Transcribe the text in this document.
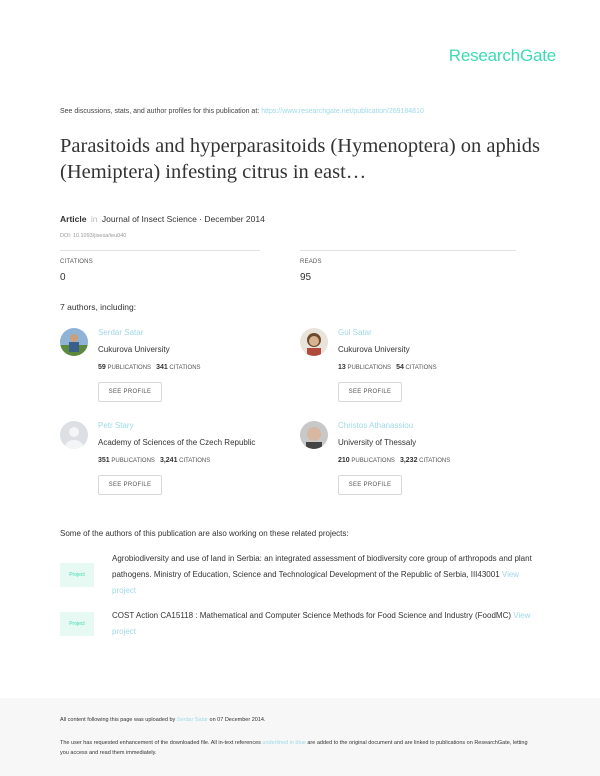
ResearchGate
See discussions, stats, and author profiles for this publication at: https://www.researchgate.net/publication/269184810
Parasitoids and hyperparasitoids (Hymenoptera) on aphids (Hemiptera) infesting citrus in east…
Article in Journal of Insect Science · December 2014
DOI: 10.1093/jisesa/ieu040
CITATIONS
0
READS
95
7 authors, including:
Serdar Satar
Cukurova University
59 PUBLICATIONS 341 CITATIONS
SEE PROFILE
Gul Satar
Cukurova University
13 PUBLICATIONS 54 CITATIONS
SEE PROFILE
Petr Stary
Academy of Sciences of the Czech Republic
351 PUBLICATIONS 3,241 CITATIONS
SEE PROFILE
Christos Athanassiou
University of Thessaly
210 PUBLICATIONS 3,232 CITATIONS
SEE PROFILE
Some of the authors of this publication are also working on these related projects:
Project
Agrobiodiversity and use of land in Serbia: an integrated assessment of biodiversity core group of arthropods and plant pathogens. Ministry of Education, Science and Technological Development of the Republic of Serbia, III43001 View project
Project
COST Action CA15118 : Mathematical and Computer Science Methods for Food Science and Industry (FoodMC) View project
All content following this page was uploaded by Serdar Satar on 07 December 2014.
The user has requested enhancement of the downloaded file. All in-text references underlined in blue are added to the original document and are linked to publications on ResearchGate, letting you access and read them immediately.
